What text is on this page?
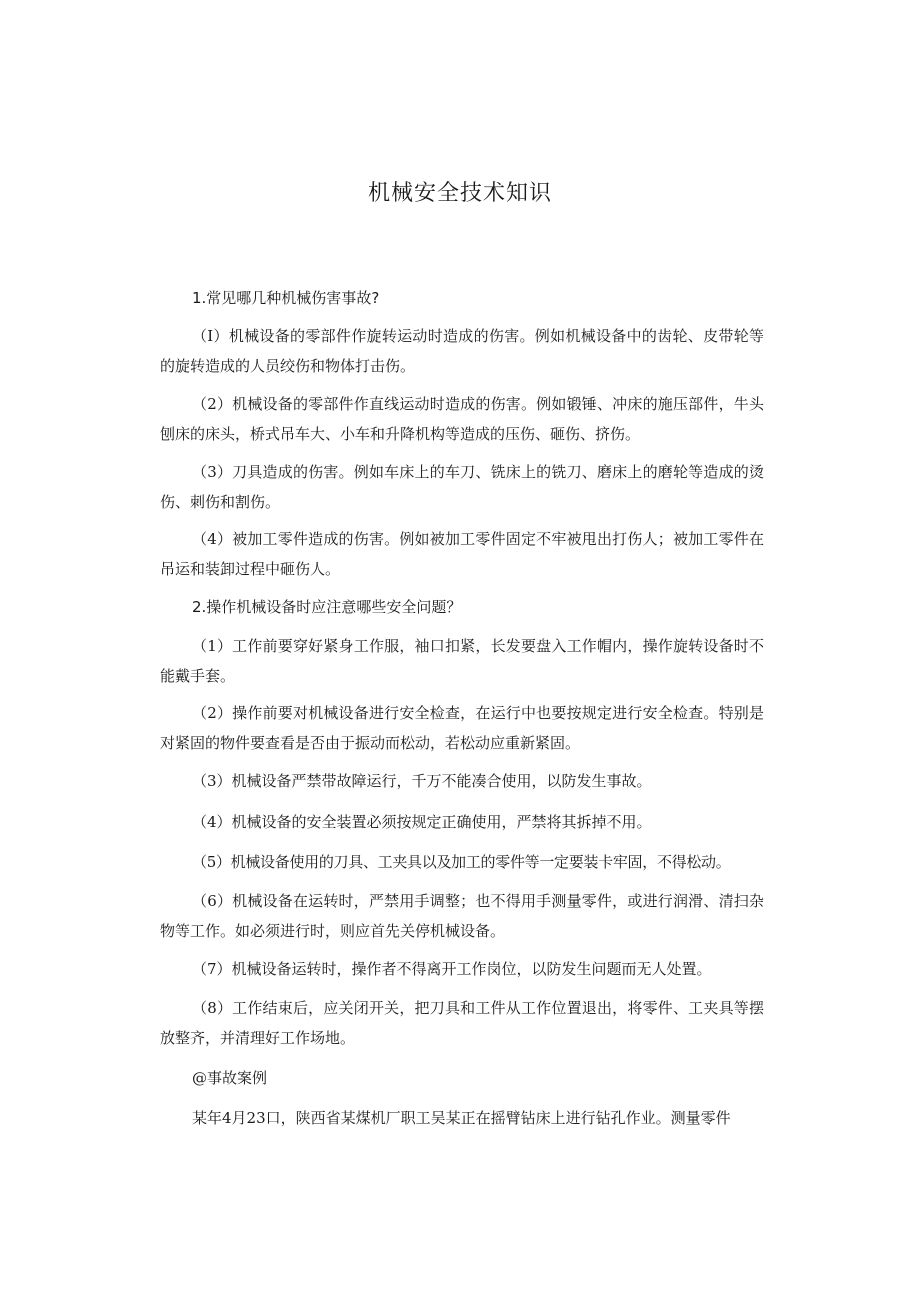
机械安全技术知识
1.常见哪几种机械伤害事故?
（I）机械设备的零部件作旋转运动时造成的伤害。例如机械设备中的齿轮、皮带轮等的旋转造成的人员绞伤和物体打击伤。
（2）机械设备的零部件作直线运动时造成的伤害。例如锻锤、冲床的施压部件，牛头刨床的床头，桥式吊车大、小车和升降机构等造成的压伤、砸伤、挤伤。
（3）刀具造成的伤害。例如车床上的车刀、铣床上的铣刀、磨床上的磨轮等造成的烫伤、刺伤和割伤。
（4）被加工零件造成的伤害。例如被加工零件固定不牢被甩出打伤人；被加工零件在吊运和装卸过程中砸伤人。
2.操作机械设备时应注意哪些安全问题？
（1）工作前要穿好紧身工作服，袖口扣紧，长发要盘入工作帽内，操作旋转设备时不能戴手套。
（2）操作前要对机械设备进行安全检查，在运行中也要按规定进行安全检查。特别是对紧固的物件要查看是否由于振动而松动，若松动应重新紧固。
（3）机械设备严禁带故障运行，千万不能凑合使用，以防发生事故。
（4）机械设备的安全装置必须按规定正确使用，严禁将其拆掉不用。
（5）机械设备使用的刀具、工夹具以及加工的零件等一定要装卡牢固，不得松动。
（6）机械设备在运转时，严禁用手调整；也不得用手测量零件，或进行润滑、清扫杂物等工作。如必须进行时，则应首先关停机械设备。
（7）机械设备运转时，操作者不得离开工作岗位，以防发生问题而无人处置。
（8）工作结束后，应关闭开关，把刀具和工件从工作位置退出，将零件、工夹具等摆放整齐，并清理好工作场地。
@事故案例
某年4月23口，陕西省某煤机厂职工吴某正在摇臂钻床上进行钻孔作业。测量零件
